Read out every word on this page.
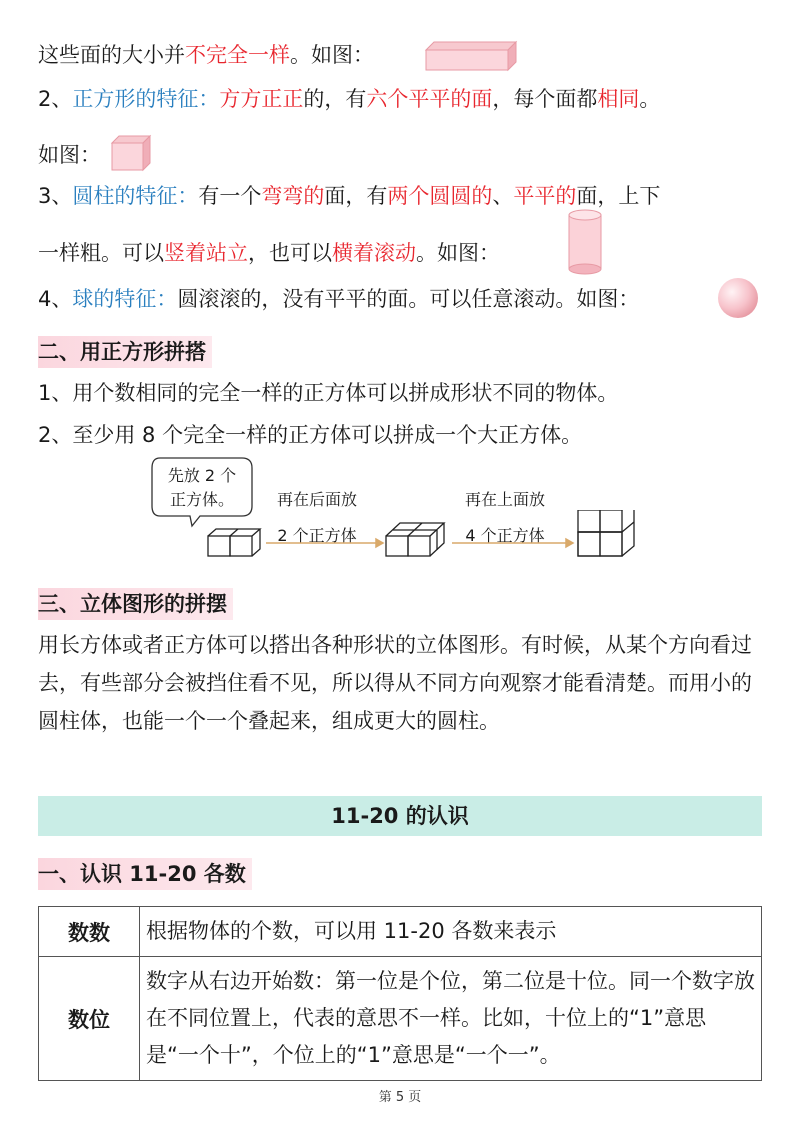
这些面的大小并不完全一样。如图：
2、正方形的特征：方方正正的，有六个平平的面，每个面都相同。
如图：
3、圆柱的特征：有一个弯弯的面，有两个圆圆的、平平的面，上下
一样粗。可以竖着站立，也可以横着滚动。如图：
4、球的特征：圆滚滚的，没有平平的面。可以任意滚动。如图：
二、用正方形拼搭
1、用个数相同的完全一样的正方体可以拼成形状不同的物体。
2、至少用 8 个完全一样的正方体可以拼成一个大正方体。
先放 2 个
正方体。	再在后面放
2 个正方体
再在上面放
4 个正方体
三、立体图形的拼摆
用长方体或者正方体可以搭出各种形状的立体图形。有时候，从某个方向看过去，有些部分会被挡住看不见，所以得从不同方向观察才能看清楚。而用小的圆柱体，也能一个一个叠起来，组成更大的圆柱。
11-20 的认识
一、认识 11-20 各数
数数	根据物体的个数，可以用 11-20 各数来表示
数位	数字从右边开始数：第一位是个位，第二位是十位。同一个数字放在不同位置上，代表的意思不一样。比如，十位上的“1”意思是“一个十”，个位上的“1”意思是“一个一”。
第 5 页
